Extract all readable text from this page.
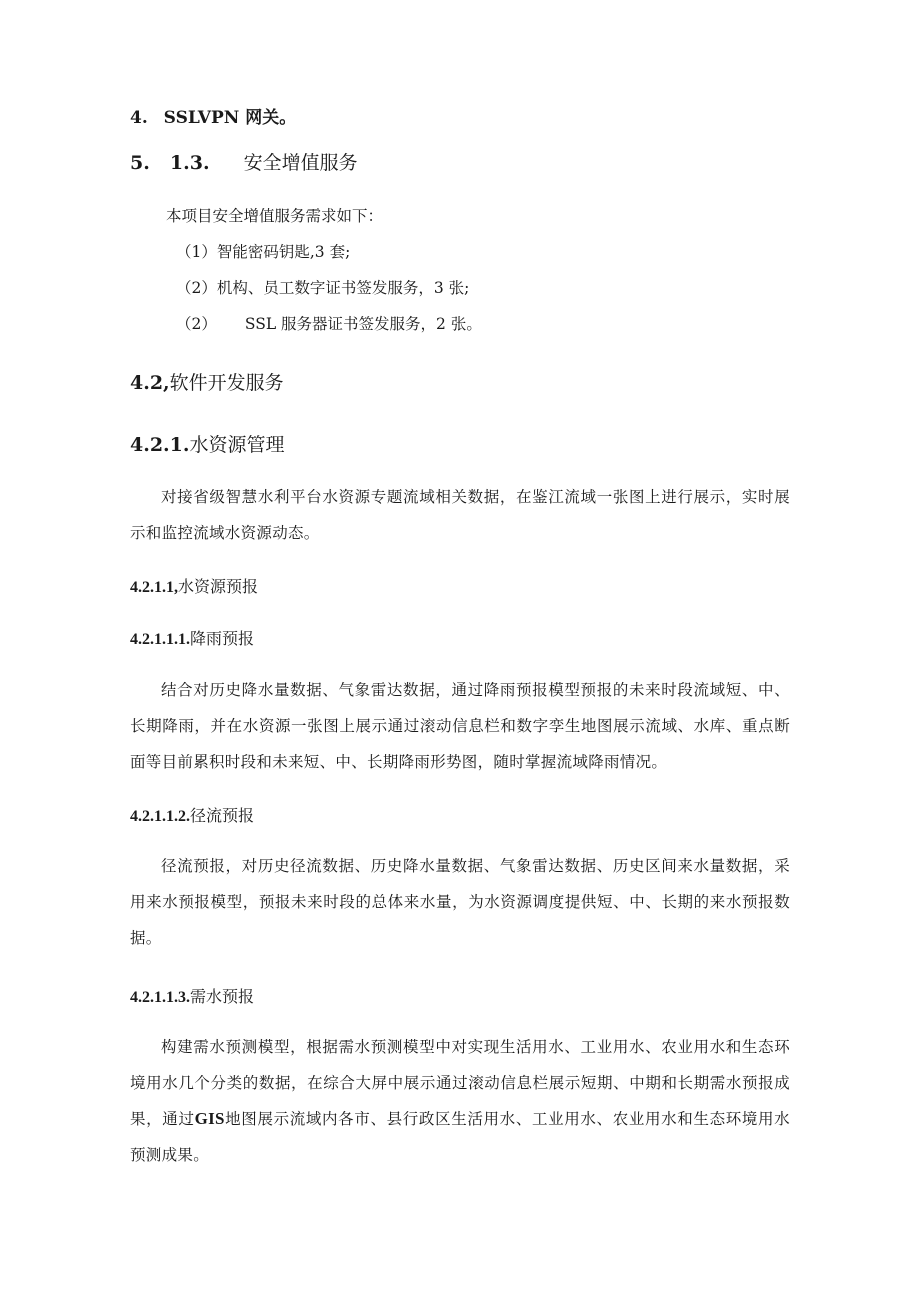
4. SSLVPN 网关。
5. 1.3. 安全增值服务
本项目安全增值服务需求如下：
（1）智能密码钥匙,3 套;
（2）机构、员工数字证书签发服务，3 张;
（2） SSL 服务器证书签发服务，2 张。
4.2,软件开发服务
4.2.1.水资源管理
对接省级智慧水利平台水资源专题流域相关数据，在鉴江流域一张图上进行展示，实时展示和监控流域水资源动态。
4.2.1.1,水资源预报
4.2.1.1.1.降雨预报
结合对历史降水量数据、气象雷达数据，通过降雨预报模型预报的未来时段流域短、中、长期降雨，并在水资源一张图上展示通过滚动信息栏和数字孪生地图展示流域、水库、重点断面等目前累积时段和未来短、中、长期降雨形势图，随时掌握流域降雨情况。
4.2.1.1.2.径流预报
径流预报，对历史径流数据、历史降水量数据、气象雷达数据、历史区间来水量数据，采用来水预报模型，预报未来时段的总体来水量，为水资源调度提供短、中、长期的来水预报数据。
4.2.1.1.3.需水预报
构建需水预测模型，根据需水预测模型中对实现生活用水、工业用水、农业用水和生态环境用水几个分类的数据，在综合大屏中展示通过滚动信息栏展示短期、中期和长期需水预报成果，通过GIS地图展示流域内各市、县行政区生活用水、工业用水、农业用水和生态环境用水预测成果。
